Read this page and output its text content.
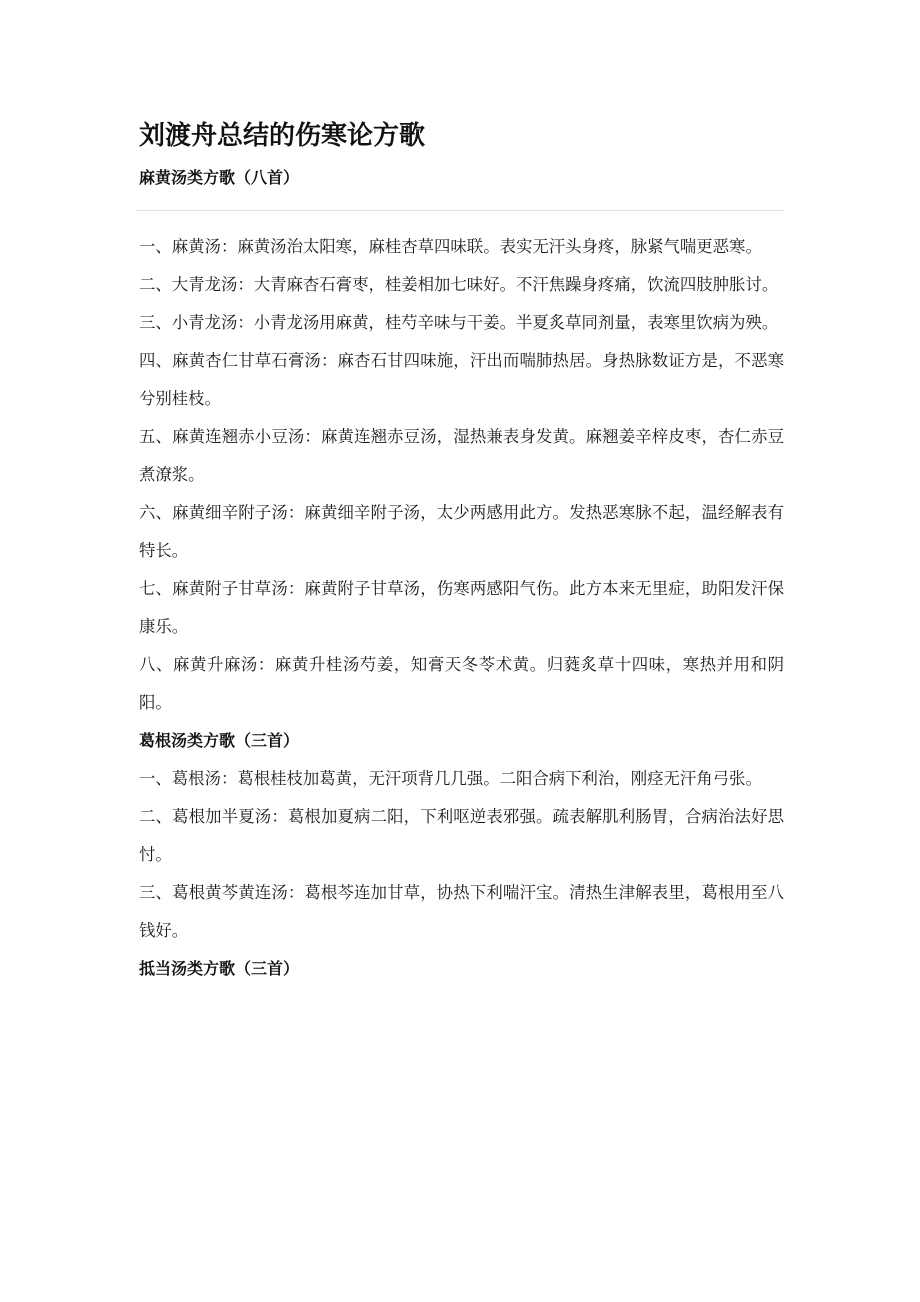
刘渡舟总结的伤寒论方歌
麻黄汤类方歌（八首）

一、麻黄汤：麻黄汤治太阳寒，麻桂杏草四味联。表实无汗头身疼，脉紧气喘更恶寒。

二、大青龙汤：大青麻杏石膏枣，桂姜相加七味好。不汗焦躁身疼痛，饮流四肢肿胀讨。

三、小青龙汤：小青龙汤用麻黄，桂芍辛味与干姜。半夏炙草同剂量，表寒里饮病为殃。

四、麻黄杏仁甘草石膏汤：麻杏石甘四味施，汗出而喘肺热居。身热脉数证方是，不恶寒兮别桂枝。

五、麻黄连翘赤小豆汤：麻黄连翘赤豆汤，湿热兼表身发黄。麻翘姜辛梓皮枣，杏仁赤豆煮潦浆。

六、麻黄细辛附子汤：麻黄细辛附子汤，太少两感用此方。发热恶寒脉不起，温经解表有特长。

七、麻黄附子甘草汤：麻黄附子甘草汤，伤寒两感阳气伤。此方本来无里症，助阳发汗保康乐。

八、麻黄升麻汤：麻黄升桂汤芍姜，知膏天冬苓术黄。归蕤炙草十四味，寒热并用和阴阳。

葛根汤类方歌（三首）

一、葛根汤：葛根桂枝加葛黄，无汗项背几几强。二阳合病下利治，刚痉无汗角弓张。

二、葛根加半夏汤：葛根加夏病二阳，下利呕逆表邪强。疏表解肌利肠胃，合病治法好思忖。

三、葛根黄芩黄连汤：葛根芩连加甘草，协热下利喘汗宝。清热生津解表里，葛根用至八钱好。

抵当汤类方歌（三首）
